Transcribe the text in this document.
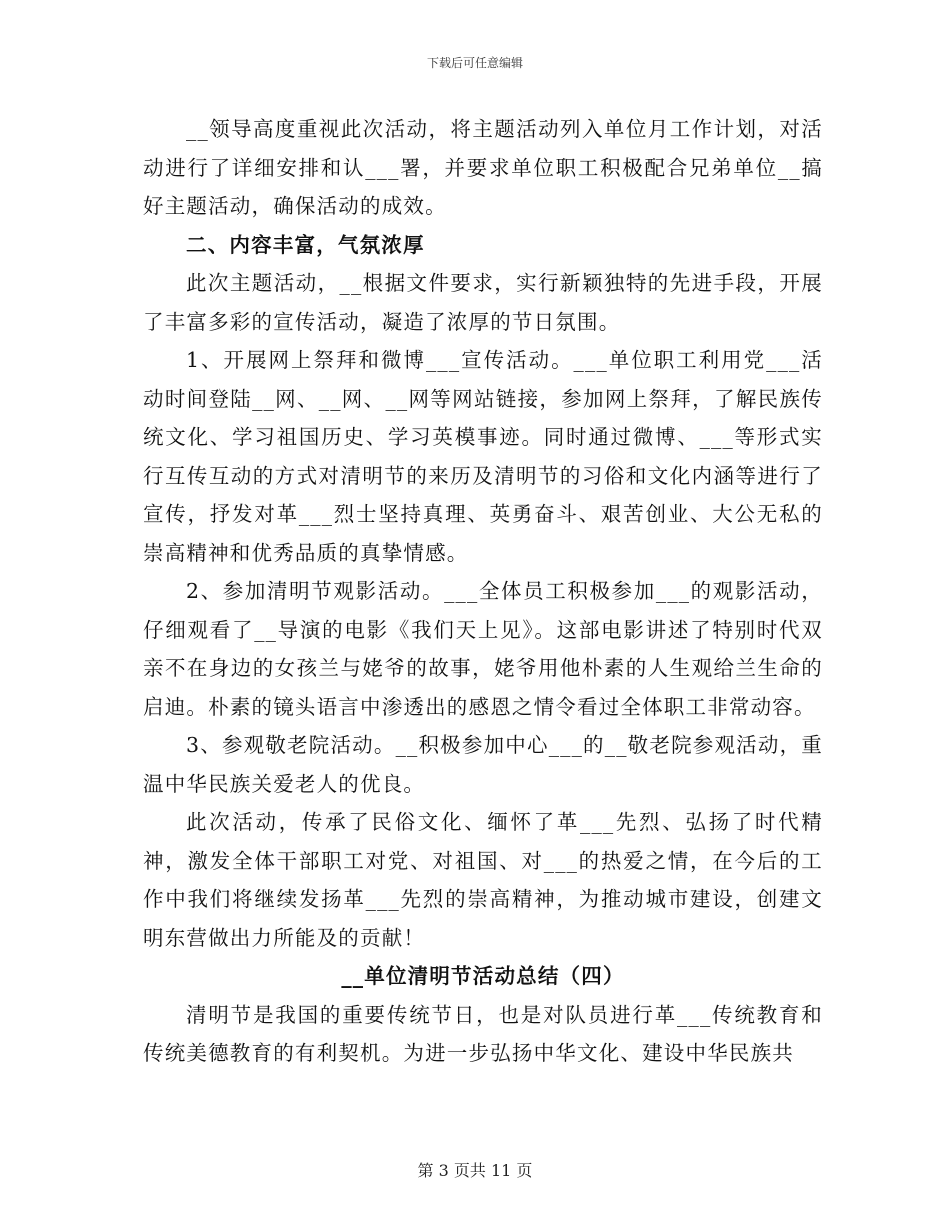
下载后可任意编辑

__领导高度重视此次活动，将主题活动列入单位月工作计划，对活动进行了详细安排和认___署，并要求单位职工积极配合兄弟单位__搞好主题活动，确保活动的成效。

二、内容丰富，气氛浓厚

此次主题活动，__根据文件要求，实行新颖独特的先进手段，开展了丰富多彩的宣传活动，凝造了浓厚的节日氛围。

1、开展网上祭拜和微博___宣传活动。___单位职工利用党___活动时间登陆__网、__网、__网等网站链接，参加网上祭拜，了解民族传统文化、学习祖国历史、学习英模事迹。同时通过微博、___等形式实行互传互动的方式对清明节的来历及清明节的习俗和文化内涵等进行了宣传，抒发对革___烈士坚持真理、英勇奋斗、艰苦创业、大公无私的崇高精神和优秀品质的真挚情感。

2、参加清明节观影活动。___全体员工积极参加___的观影活动，仔细观看了__导演的电影《我们天上见》。这部电影讲述了特别时代双亲不在身边的女孩兰与姥爷的故事，姥爷用他朴素的人生观给兰生命的启迪。朴素的镜头语言中渗透出的感恩之情令看过全体职工非常动容。

3、参观敬老院活动。__积极参加中心___的__敬老院参观活动，重温中华民族关爱老人的优良。

此次活动，传承了民俗文化、缅怀了革___先烈、弘扬了时代精神，激发全体干部职工对党、对祖国、对___的热爱之情，在今后的工作中我们将继续发扬革___先烈的崇高精神，为推动城市建设，创建文明东营做出力所能及的贡献！

__单位清明节活动总结（四）

清明节是我国的重要传统节日，也是对队员进行革___传统教育和传统美德教育的有利契机。为进一步弘扬中华文化、建设中华民族共

第 3 页共 11 页
